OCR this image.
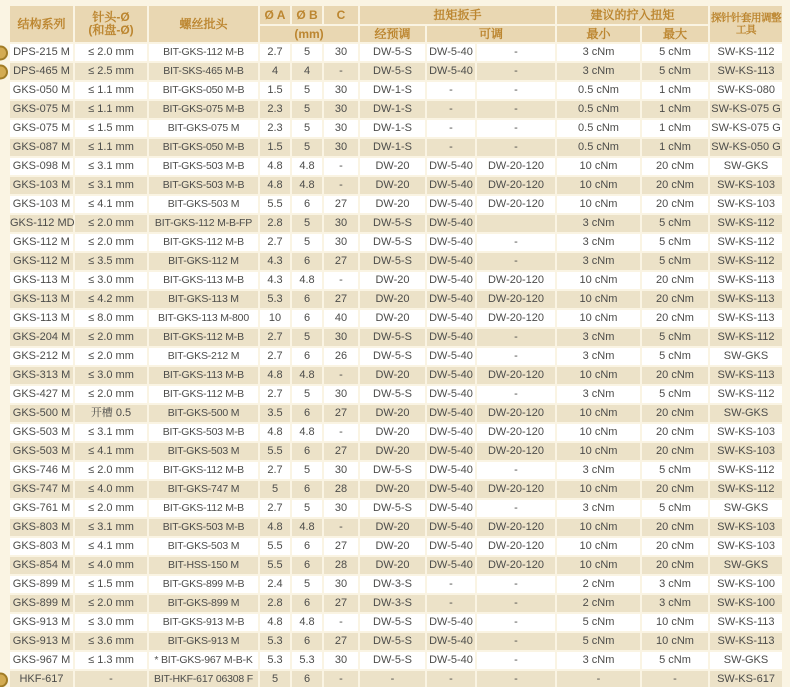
结构系列	针头-Ø
(和盘-Ø)	螺丝批头	Ø A	Ø B	C	扭矩扳手			建议的拧入扭矩		探针针套用调整工具
			(mm)			经预调	可调		最小	最大	
DPS-215 M	≤ 2.0 mm	BIT-GKS-112 M-B	2.7	5	30	DW-5-S	DW-5-40	-	3 cNm	5 cNm	SW-KS-112
DPS-465 M	≤ 2.5 mm	BIT-SKS-465 M-B	4	4	-	DW-5-S	DW-5-40	-	3 cNm	5 cNm	SW-KS-113
GKS-050 M	≤ 1.1 mm	BIT-GKS-050 M-B	1.5	5	30	DW-1-S	-	-	0.5 cNm	1 cNm	SW-KS-080
GKS-075 M	≤ 1.1 mm	BIT-GKS-075 M-B	2.3	5	30	DW-1-S	-	-	0.5 cNm	1 cNm	SW-KS-075 G
GKS-075 M	≤ 1.5 mm	BIT-GKS-075 M	2.3	5	30	DW-1-S	-	-	0.5 cNm	1 cNm	SW-KS-075 G
GKS-087 M	≤ 1.1 mm	BIT-GKS-050 M-B	1.5	5	30	DW-1-S	-	-	0.5 cNm	1 cNm	SW-KS-050 G
GKS-098 M	≤ 3.1 mm	BIT-GKS-503 M-B	4.8	4.8	-	DW-20	DW-5-40	DW-20-120	10 cNm	20 cNm	SW-GKS
GKS-103 M	≤ 3.1 mm	BIT-GKS-503 M-B	4.8	4.8	-	DW-20	DW-5-40	DW-20-120	10 cNm	20 cNm	SW-KS-103
GKS-103 M	≤ 4.1 mm	BIT-GKS-503 M	5.5	6	27	DW-20	DW-5-40	DW-20-120	10 cNm	20 cNm	SW-KS-103
GKS-112 MD	≤ 2.0 mm	BIT-GKS-112 M-B-FP	2.8	5	30	DW-5-S	DW-5-40		3 cNm	5 cNm	SW-KS-112
GKS-112 M	≤ 2.0 mm	BIT-GKS-112 M-B	2.7	5	30	DW-5-S	DW-5-40	-	3 cNm	5 cNm	SW-KS-112
GKS-112 M	≤ 3.5 mm	BIT-GKS-112 M	4.3	6	27	DW-5-S	DW-5-40	-	3 cNm	5 cNm	SW-KS-112
GKS-113 M	≤ 3.0 mm	BIT-GKS-113 M-B	4.3	4.8	-	DW-20	DW-5-40	DW-20-120	10 cNm	20 cNm	SW-KS-113
GKS-113 M	≤ 4.2 mm	BIT-GKS-113 M	5.3	6	27	DW-20	DW-5-40	DW-20-120	10 cNm	20 cNm	SW-KS-113
GKS-113 M	≤ 8.0 mm	BIT-GKS-113 M-800	10	6	40	DW-20	DW-5-40	DW-20-120	10 cNm	20 cNm	SW-KS-113
GKS-204 M	≤ 2.0 mm	BIT-GKS-112 M-B	2.7	5	30	DW-5-S	DW-5-40	-	3 cNm	5 cNm	SW-KS-112
GKS-212 M	≤ 2.0 mm	BIT-GKS-212 M	2.7	6	26	DW-5-S	DW-5-40	-	3 cNm	5 cNm	SW-GKS
GKS-313 M	≤ 3.0 mm	BIT-GKS-113 M-B	4.8	4.8	-	DW-20	DW-5-40	DW-20-120	10 cNm	20 cNm	SW-KS-113
GKS-427 M	≤ 2.0 mm	BIT-GKS-112 M-B	2.7	5	30	DW-5-S	DW-5-40	-	3 cNm	5 cNm	SW-KS-112
GKS-500 M	开槽 0.5	BIT-GKS-500 M	3.5	6	27	DW-20	DW-5-40	DW-20-120	10 cNm	20 cNm	SW-GKS
GKS-503 M	≤ 3.1 mm	BIT-GKS-503 M-B	4.8	4.8	-	DW-20	DW-5-40	DW-20-120	10 cNm	20 cNm	SW-KS-103
GKS-503 M	≤ 4.1 mm	BIT-GKS-503 M	5.5	6	27	DW-20	DW-5-40	DW-20-120	10 cNm	20 cNm	SW-KS-103
GKS-746 M	≤ 2.0 mm	BIT-GKS-112 M-B	2.7	5	30	DW-5-S	DW-5-40	-	3 cNm	5 cNm	SW-KS-112
GKS-747 M	≤ 4.0 mm	BIT-GKS-747 M	5	6	28	DW-20	DW-5-40	DW-20-120	10 cNm	20 cNm	SW-KS-112
GKS-761 M	≤ 2.0 mm	BIT-GKS-112 M-B	2.7	5	30	DW-5-S	DW-5-40	-	3 cNm	5 cNm	SW-GKS
GKS-803 M	≤ 3.1 mm	BIT-GKS-503 M-B	4.8	4.8	-	DW-20	DW-5-40	DW-20-120	10 cNm	20 cNm	SW-KS-103
GKS-803 M	≤ 4.1 mm	BIT-GKS-503 M	5.5	6	27	DW-20	DW-5-40	DW-20-120	10 cNm	20 cNm	SW-KS-103
GKS-854 M	≤ 4.0 mm	BIT-HSS-150 M	5.5	6	28	DW-20	DW-5-40	DW-20-120	10 cNm	20 cNm	SW-GKS
GKS-899 M	≤ 1.5 mm	BIT-GKS-899 M-B	2.4	5	30	DW-3-S	-	-	2 cNm	3 cNm	SW-KS-100
GKS-899 M	≤ 2.0 mm	BIT-GKS-899 M	2.8	6	27	DW-3-S	-	-	2 cNm	3 cNm	SW-KS-100
GKS-913 M	≤ 3.0 mm	BIT-GKS-913 M-B	4.8	4.8	-	DW-5-S	DW-5-40	-	5 cNm	10 cNm	SW-KS-113
GKS-913 M	≤ 3.6 mm	BIT-GKS-913 M	5.3	6	27	DW-5-S	DW-5-40	-	5 cNm	10 cNm	SW-KS-113
GKS-967 M	≤ 1.3 mm	* BIT-GKS-967 M-B-K	5.3	5.3	30	DW-5-S	DW-5-40	-	3 cNm	5 cNm	SW-GKS
HKF-617	-	BIT-HKF-617 06308 F	5	6	-	-	-	-	-	-	SW-KS-617
